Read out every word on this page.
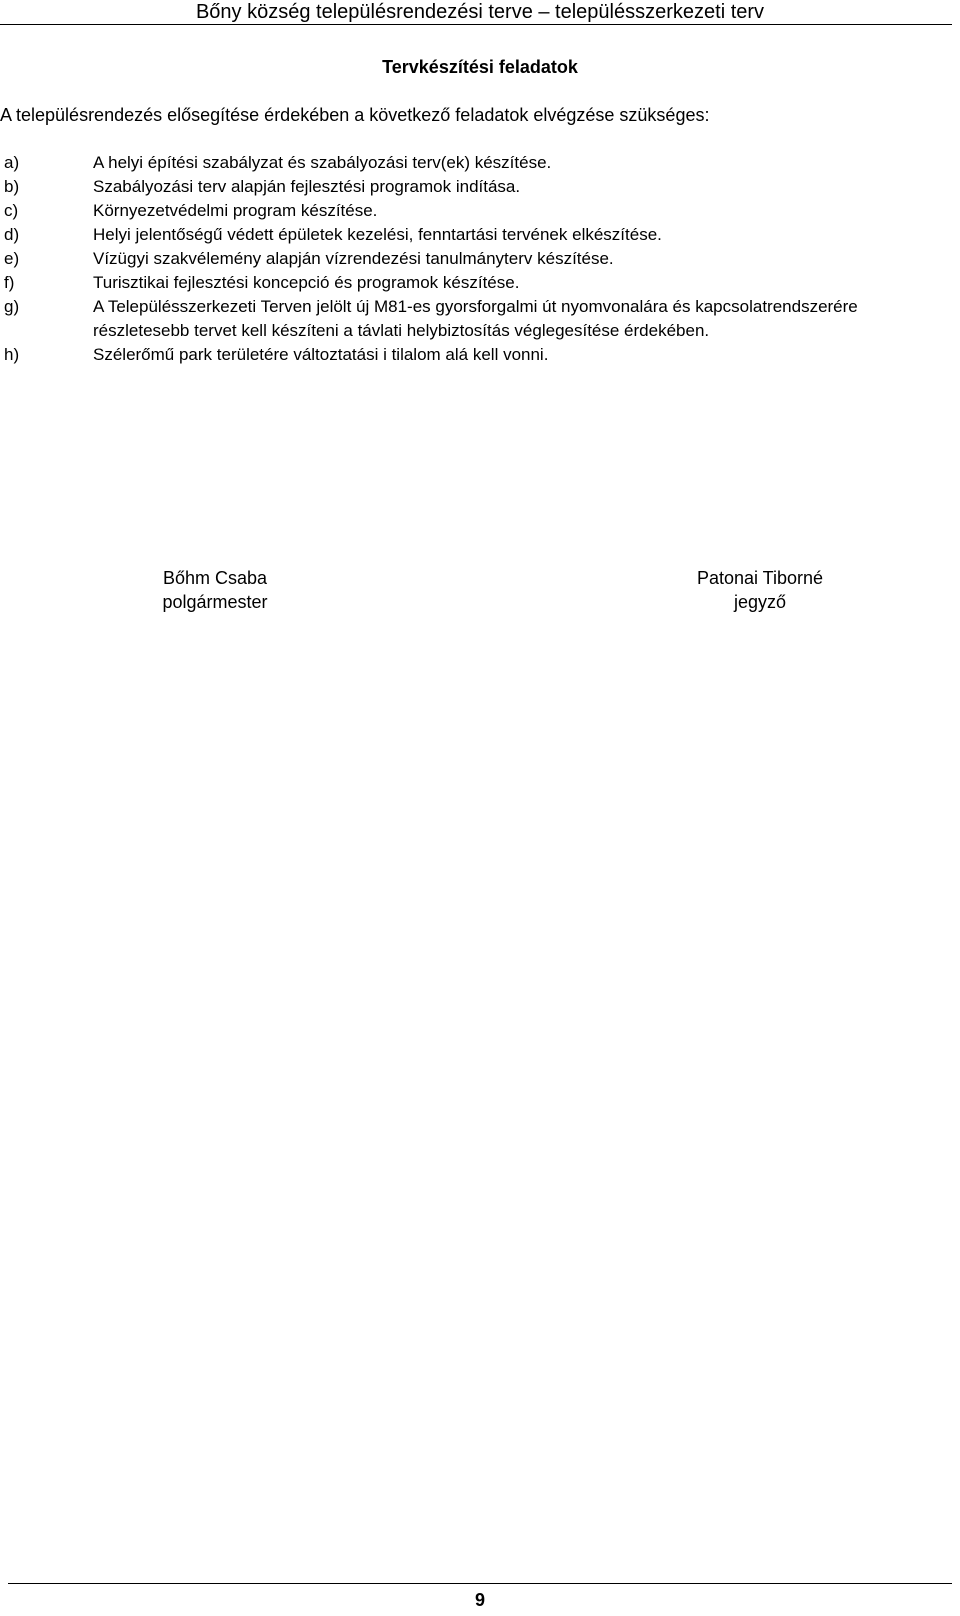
Bőny község településrendezési terve – településszerkezeti terv
Tervkészítési feladatok
A településrendezés elősegítése érdekében a következő feladatok elvégzése szükséges:
a)	A helyi építési szabályzat és szabályozási terv(ek) készítése.
b)	Szabályozási terv alapján fejlesztési programok indítása.
c)	Környezetvédelmi program készítése.
d)	Helyi jelentőségű védett épületek kezelési, fenntartási tervének elkészítése.
e)	Vízügyi szakvélemény alapján vízrendezési tanulmányterv készítése.
f)	Turisztikai fejlesztési koncepció és programok készítése.
g)	A Településszerkezeti Terven jelölt új M81-es gyorsforgalmi út nyomvonalára és kapcsolatrendszerére részletesebb tervet kell készíteni a távlati helybiztosítás véglegesítése érdekében.
h)	Szélerőmű park területére változtatási i tilalom alá kell vonni.
Bőhm Csaba
polgármester
Patonai Tiborné
jegyző
9
